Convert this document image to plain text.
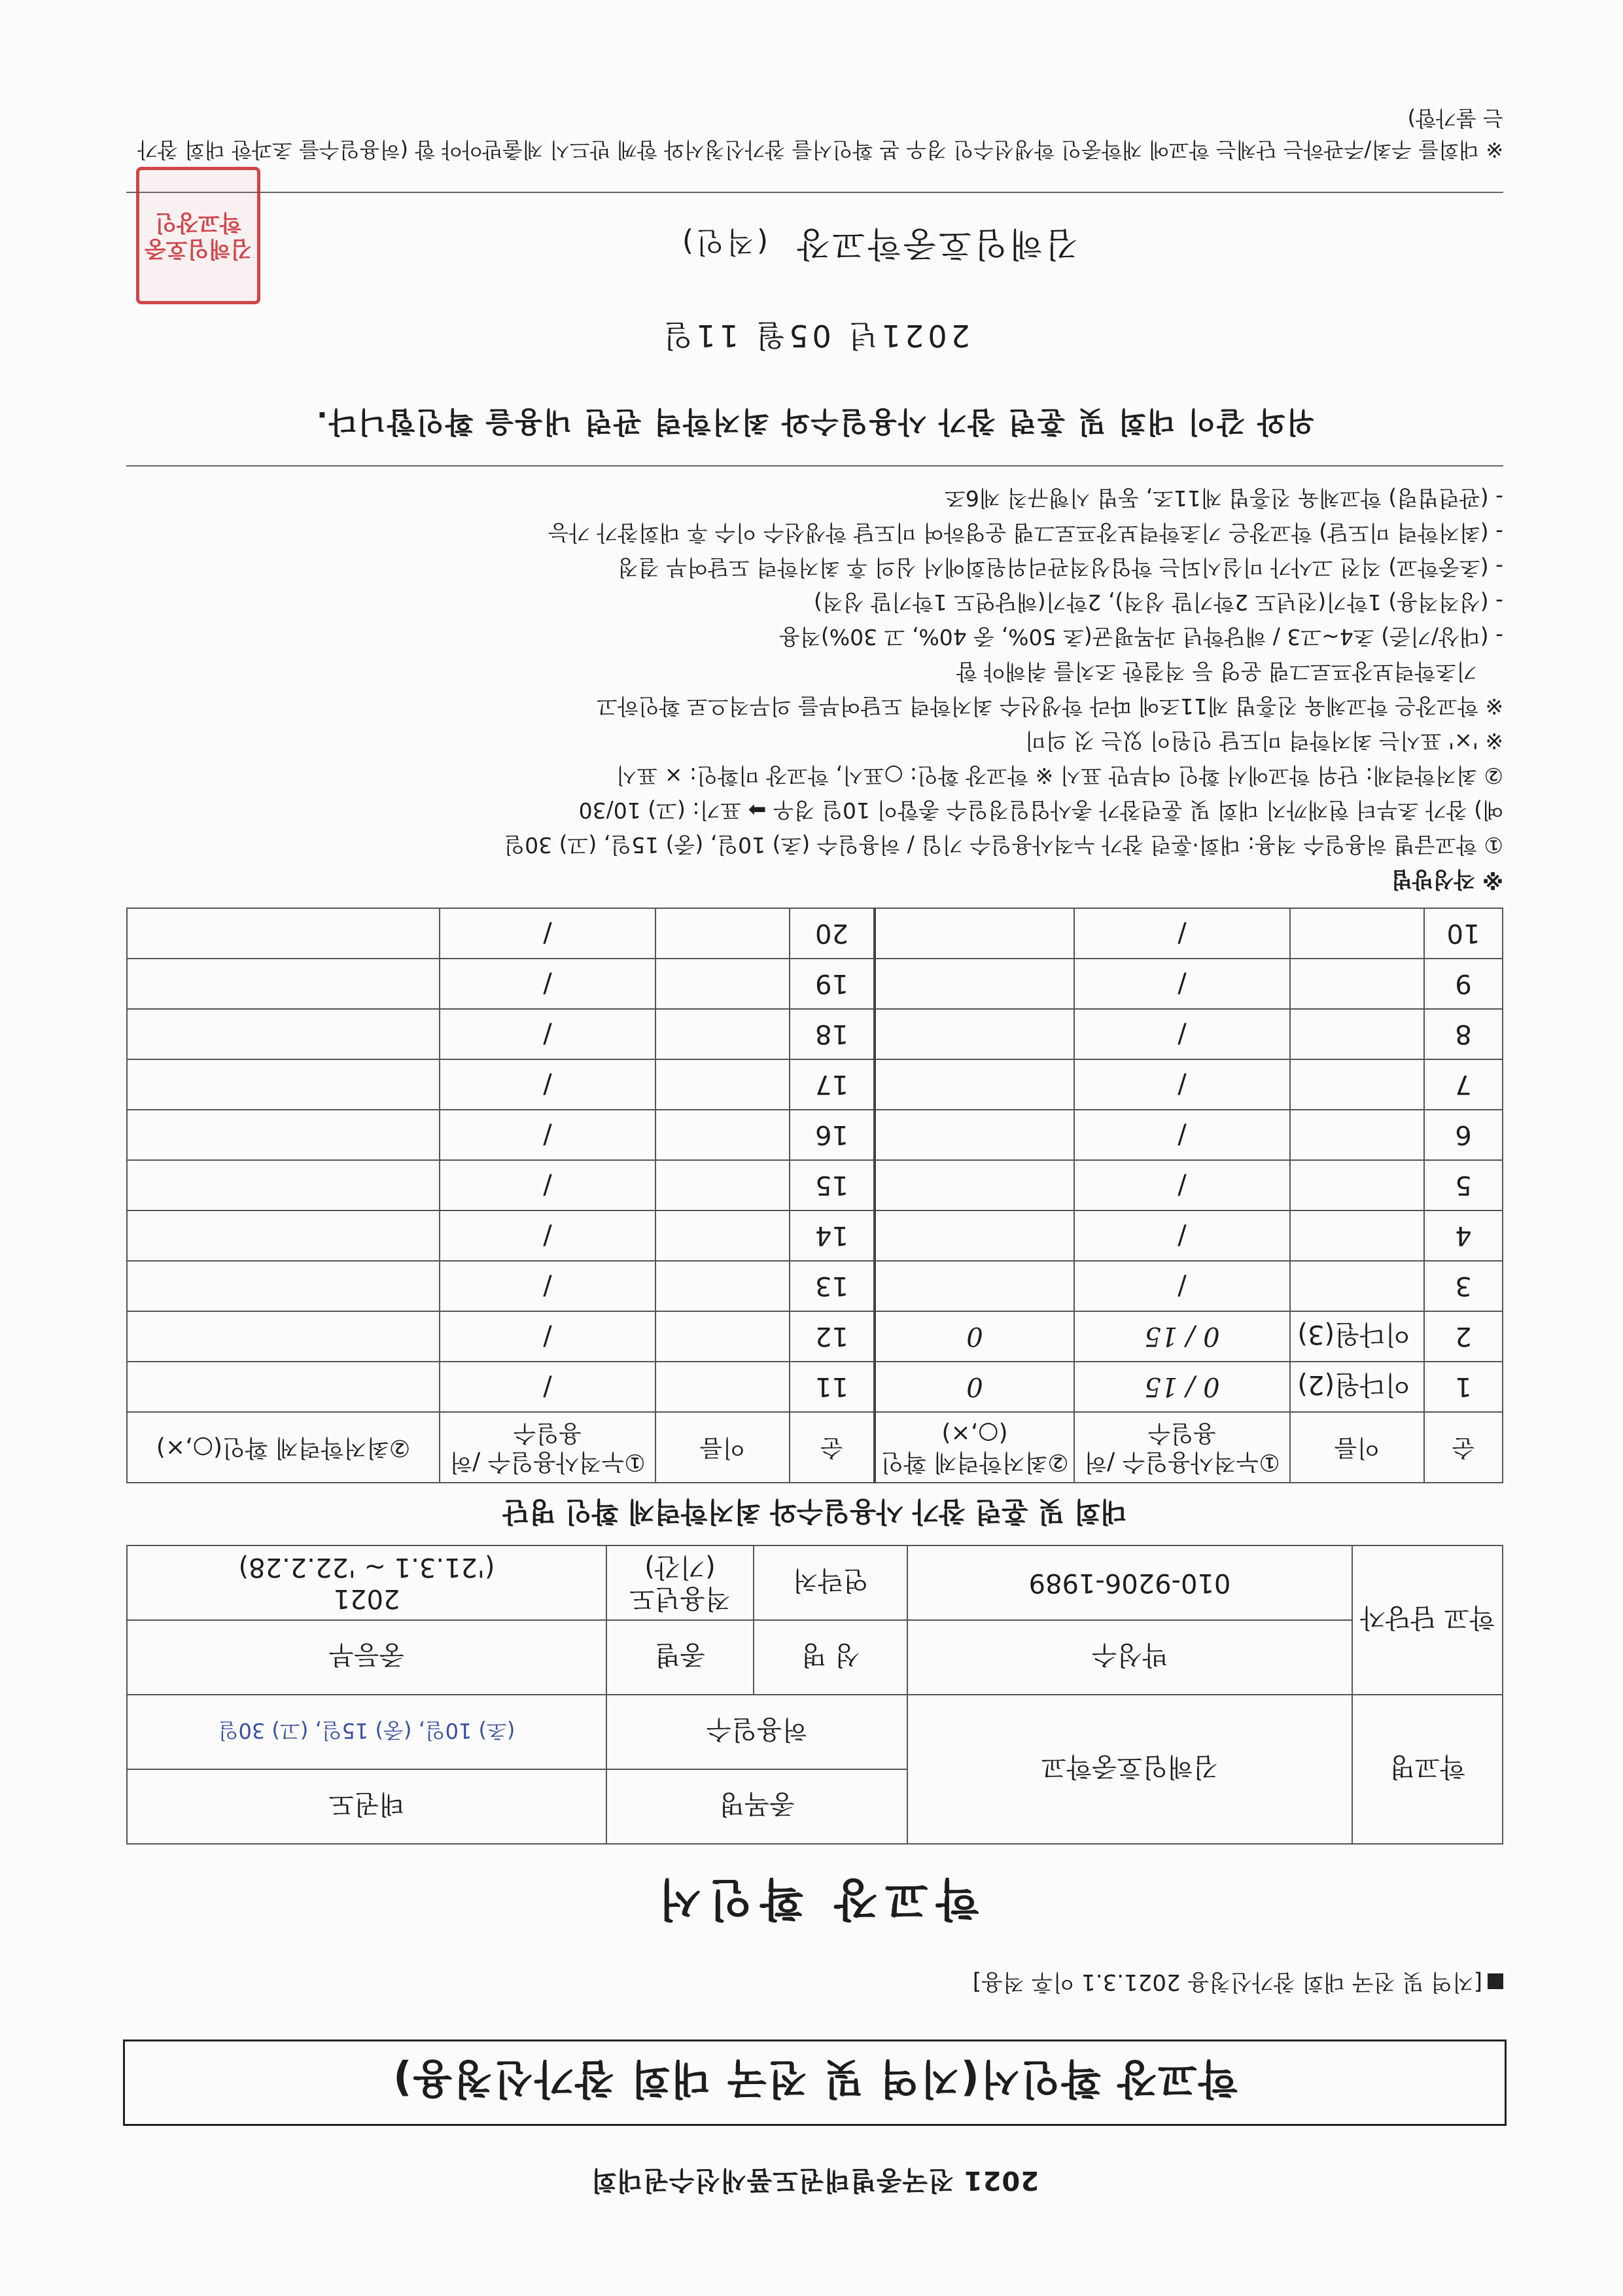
2021 전국종별태권도품새선수권대회
학교장 확인서(지역 및 전국 대회 참가신청용)
[지역 및 전국 대회 참가신청용 2021.3.1 이후 적용]
학교장 확인서
학교명	김해임호중학교	종목명		태권도
		허용일수		(초) 10일, (중) 15일, (고) 30일
학교 담당자	박성수	성 명	종별	중등부
	010-9206-1989	연락처	적용년도 (기간)	2021
('21.3.1 ~ '22.2.28)
대회 및 훈련 참가 사용일수와 최저학력제 확인 명단
순	이름	①누적사용일수 /허용일수	②최저학력제 확인(○,×)	순	이름	①누적사용일수 /허용일수	②최저학력제 확인(○,×)
1	이다원(2)	0 / 15	0	11		/	
2	이다원(3)	0 / 15	0	12		/	
3		/		13		/	
4		/		14		/	
5		/		15		/	
6		/		16		/	
7		/		17		/	
8		/		18		/	
9		/		19		/	
10		/		20		/	

※ 작성방법

① 학교급별 허용일수 적용: 대회·훈련 참가 누적사용일수 기입 / 허용일수 (초) 10일, (중) 15일, (고) 30일

예) 참가 초부터 현재까지 대회 및 훈련참가 총사업일정일수 총합이 10일 경우 ➡ 표기: (고) 10/30

② 최저학력제: 단위 학교에서 확인 여부만 표시 ※ 학교장 확인: ○표시, 학교장 미확인: × 표시

※ '×' 표시는 최저학력 미도달 인원이 있는 것 의미

※ 학교장은 학교체육 진흥법 제11조에 따라 학생선수 최저학력 도달여부를 의무적으로 확인하고

기초학력보장프로그램 운영 등 적절한 조치를 취해야 함

- (대상/기준) 초4~고3 / 해당학년 과목평균(초 50%, 중 40%, 고 30%)적용

- (성적적용) 1학기(전년도 2학기말 성적), 2학기(해당연도 1학기말 성적)

- (초중학교) 직전 고사가 미실시되는 학업성적관리위원회에서 심의 후 최저학력 도달여부 결정

- (최저학력 미도달) 학교장은 기초학력보장프로그램 운영하여 미도달 학생선수 이수 후 대회참가 가능

- (관련법령) 학교체육 진흥법 제11조, 동법 시행규칙 제6조

위와 같이 대회 및 훈련 참가 사용일수와 최저학력 관련 내용을 확인합니다.
2021년 05월 11일
김해임호중학교장(직인)
김해임호중학교장인
※ 대회를 주최/주관하는 단체는 학교에 재학중인 학생선수인 경우 본 확인서를 참가신청서와 함께 반드시 제출받아야 함 (허용일수를 초과한 대회 참가는 불가함)
